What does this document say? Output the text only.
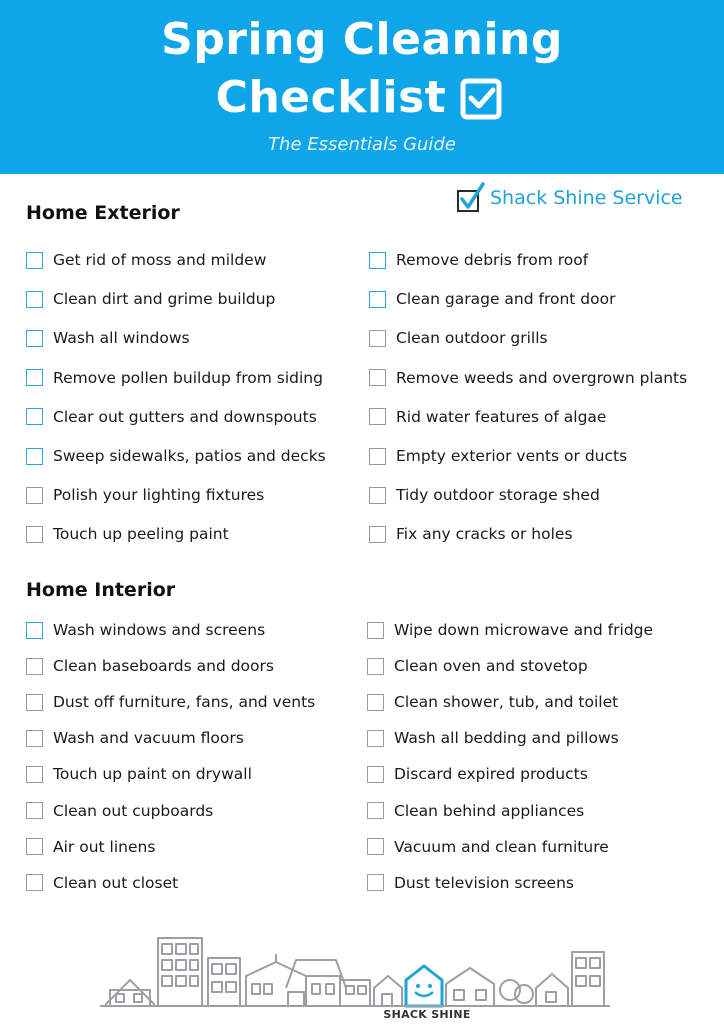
Spring Cleaning
Checklist
The Essentials Guide
Shack Shine Service
Home Exterior
Home Interior
Get rid of moss and mildew
Clean dirt and grime buildup
Wash all windows
Remove pollen buildup from siding
Clear out gutters and downspouts
Sweep sidewalks, patios and decks
Polish your lighting fixtures
Touch up peeling paint
Remove debris from roof
Clean garage and front door
Clean outdoor grills
Remove weeds and overgrown plants
Rid water features of algae
Empty exterior vents or ducts
Tidy outdoor storage shed
Fix any cracks or holes
Wash windows and screens
Clean baseboards and doors
Dust off furniture, fans, and vents
Wash and vacuum floors
Touch up paint on drywall
Clean out cupboards
Air out linens
Clean out closet
Wipe down microwave and fridge
Clean oven and stovetop
Clean shower, tub, and toilet
Wash all bedding and pillows
Discard expired products
Clean behind appliances
Vacuum and clean furniture
Dust television screens
SHACK SHINE
